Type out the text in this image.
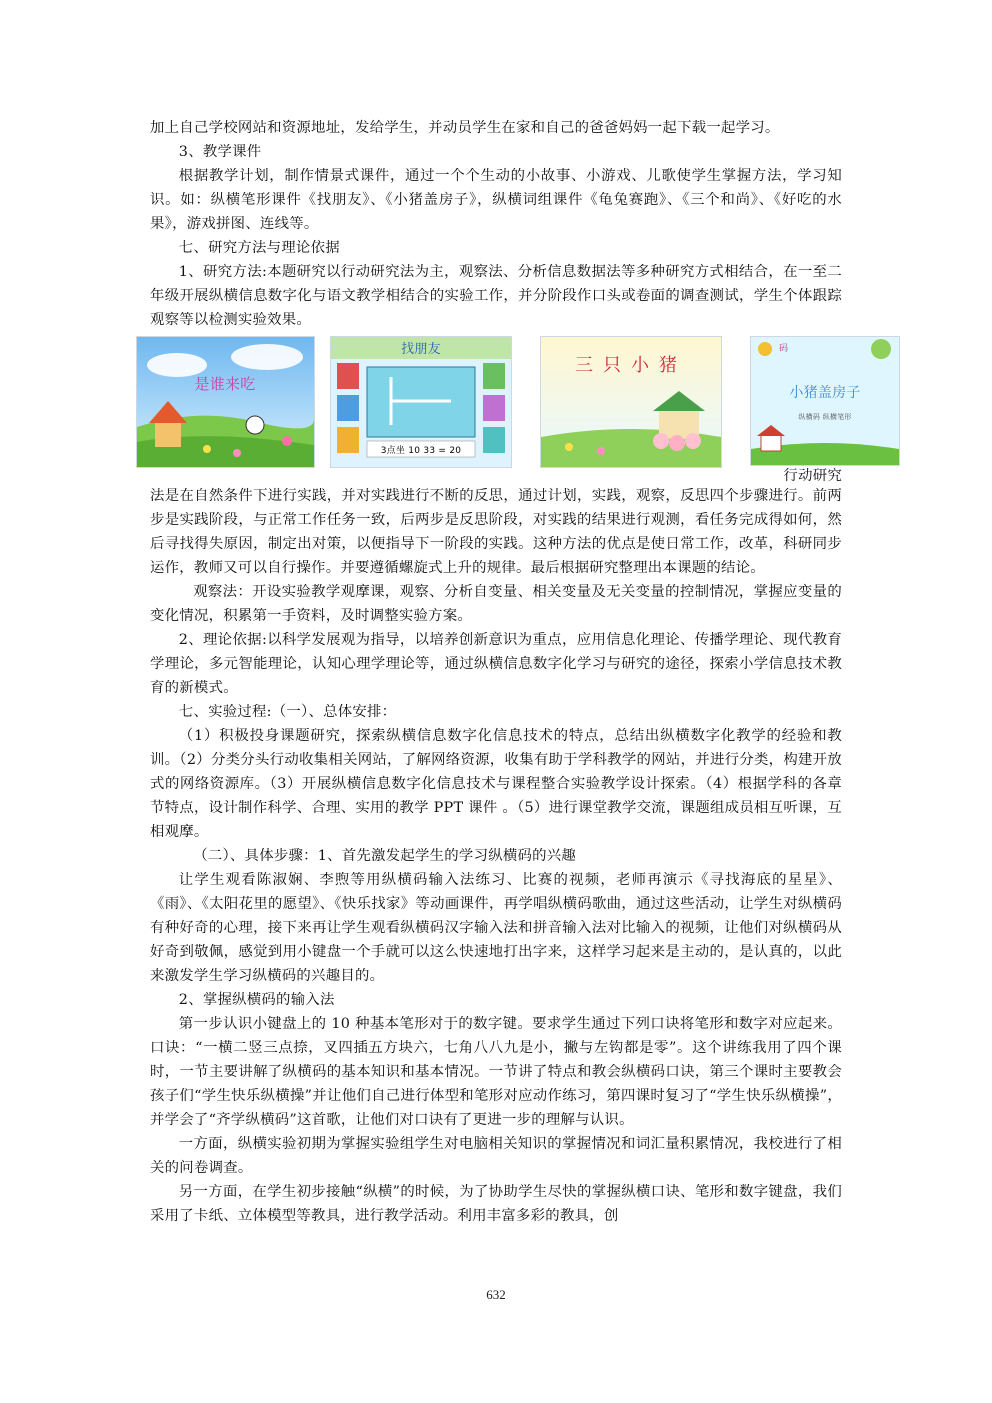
加上自己学校网站和资源地址，发给学生，并动员学生在家和自己的爸爸妈妈一起下载一起学习。

3、教学课件

根据教学计划，制作情景式课件，通过一个个生动的小故事、小游戏、儿歌使学生掌握方法，学习知识。如：纵横笔形课件《找朋友》、《小猪盖房子》，纵横词组课件《龟兔赛跑》、《三个和尚》、《好吃的水果》，游戏拼图、连线等。

七、研究方法与理论依据

1、研究方法:本题研究以行动研究法为主，观察法、分析信息数据法等多种研究方式相结合，在一至二年级开展纵横信息数字化与语文教学相结合的实验工作，并分阶段作口头或卷面的调查测试，学生个体跟踪观察等以检测实验效果。

是谁来吃
找朋友
3点坐 10 33 = 20
三只小猪
码
小猪盖房子
纵横码 纵横笔形
行动研究

法是在自然条件下进行实践，并对实践进行不断的反思，通过计划，实践，观察，反思四个步骤进行。前两步是实践阶段，与正常工作任务一致，后两步是反思阶段，对实践的结果进行观测，看任务完成得如何，然后寻找得失原因，制定出对策，以便指导下一阶段的实践。这种方法的优点是使日常工作，改革，科研同步运作，教师又可以自行操作。并要遵循螺旋式上升的规律。最后根据研究整理出本课题的结论。

观察法：开设实验教学观摩课，观察、分析自变量、相关变量及无关变量的控制情况，掌握应变量的变化情况，积累第一手资料，及时调整实验方案。

2、理论依据:以科学发展观为指导，以培养创新意识为重点，应用信息化理论、传播学理论、现代教育学理论，多元智能理论，认知心理学理论等，通过纵横信息数字化学习与研究的途径，探索小学信息技术教育的新模式。

七、实验过程:（一）、总体安排：

（1）积极投身课题研究，探索纵横信息数字化信息技术的特点，总结出纵横数字化教学的经验和教训。（2）分类分头行动收集相关网站，了解网络资源，收集有助于学科教学的网站，并进行分类，构建开放式的网络资源库。（3）开展纵横信息数字化信息技术与课程整合实验教学设计探索。（4）根据学科的各章节特点，设计制作科学、合理、实用的教学 PPT 课件 。（5）进行课堂教学交流，课题组成员相互听课，互相观摩。

（二）、具体步骤：1、首先激发起学生的学习纵横码的兴趣

让学生观看陈淑娴、李煦等用纵横码输入法练习、比赛的视频，老师再演示《寻找海底的星星》、《雨》、《太阳花里的愿望》、《快乐找家》等动画课件，再学唱纵横码歌曲，通过这些活动，让学生对纵横码有种好奇的心理，接下来再让学生观看纵横码汉字输入法和拼音输入法对比输入的视频，让他们对纵横码从好奇到敬佩，感觉到用小键盘一个手就可以这么快速地打出字来，这样学习起来是主动的，是认真的，以此来激发学生学习纵横码的兴趣目的。

2、掌握纵横码的输入法

第一步认识小键盘上的 10 种基本笔形对于的数字键。要求学生通过下列口诀将笔形和数字对应起来。口诀：“一横二竖三点捺，叉四插五方块六，七角八八九是小，撇与左钩都是零”。这个讲练我用了四个课时，一节主要讲解了纵横码的基本知识和基本情况。一节讲了特点和教会纵横码口诀，第三个课时主要教会孩子们“学生快乐纵横操”并让他们自己进行体型和笔形对应动作练习，第四课时复习了“学生快乐纵横操”，并学会了“齐学纵横码”这首歌，让他们对口诀有了更进一步的理解与认识。

一方面，纵横实验初期为掌握实验组学生对电脑相关知识的掌握情况和词汇量积累情况，我校进行了相关的问卷调查。

另一方面，在学生初步接触“纵横”的时候，为了协助学生尽快的掌握纵横口诀、笔形和数字键盘，我们采用了卡纸、立体模型等教具，进行教学活动。利用丰富多彩的教具，创

632
